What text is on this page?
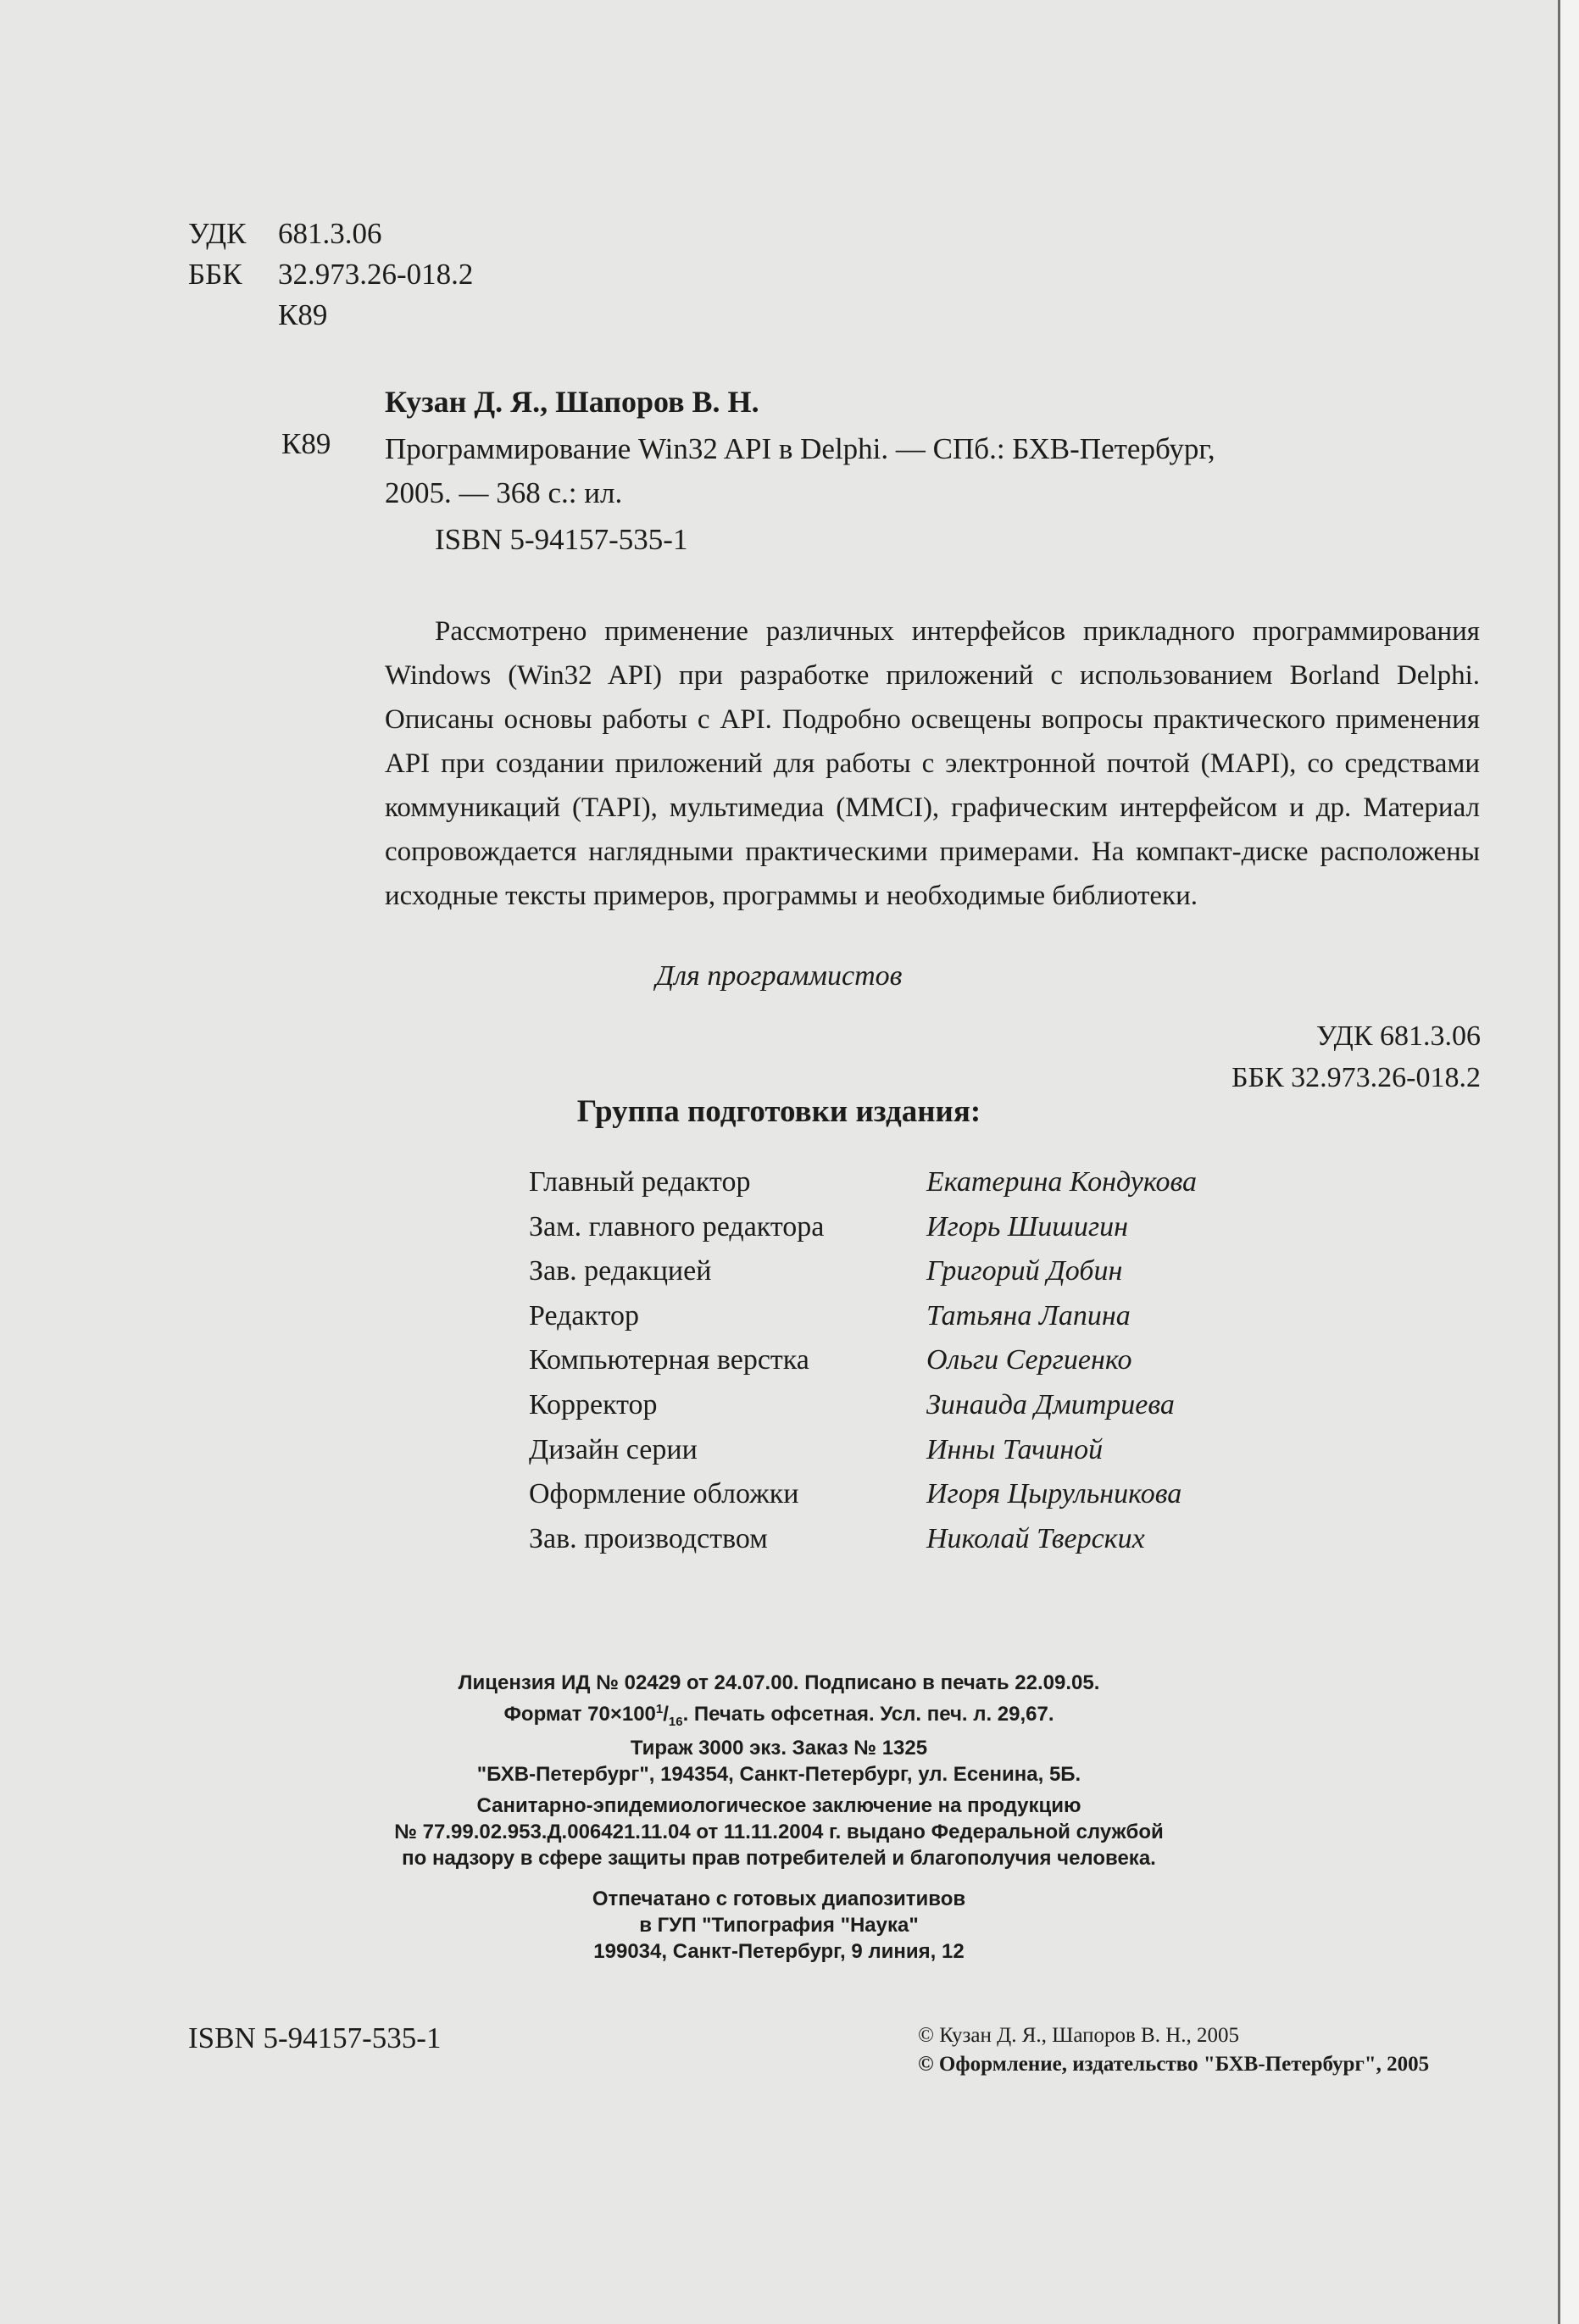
УДК 681.3.06
ББК 32.973.26-018.2
К89
Кузан Д. Я., Шапоров В. Н.
К89 Программирование Win32 API в Delphi. — СПб.: БХВ-Петербург,
2005. — 368 с.: ил.
ISBN 5-94157-535-1

Рассмотрено применение различных интерфейсов прикладного программирования Windows (Win32 API) при разработке приложений с использованием Borland Delphi. Описаны основы работы с API. Подробно освещены вопросы практического применения API при создании приложений для работы с электронной почтой (MAPI), со средствами коммуникаций (TAPI), мультимедиа (MMCI), графическим интерфейсом и др. Материал сопровождается наглядными практическими примерами. На компакт-диске расположены исходные тексты примеров, программы и необходимые библиотеки.

Для программистов
УДК 681.3.06
ББК 32.973.26-018.2
Группа подготовки издания:
Главный редактор	Екатерина Кондукова
Зам. главного редактора	Игорь Шишигин
Зав. редакцией	Григорий Добин
Редактор	Татьяна Лапина
Компьютерная верстка	Ольги Сергиенко
Корректор	Зинаида Дмитриева
Дизайн серии	Инны Тачиной
Оформление обложки	Игоря Цырульникова
Зав. производством	Николай Тверских
Лицензия ИД № 02429 от 24.07.00. Подписано в печать 22.09.05.
Формат $70\times 100^1/_{16}$. Печать офсетная. Усл. печ. л. 29,67.
Тираж 3000 экз. Заказ № 1325
"БХВ-Петербург", 194354, Санкт-Петербург, ул. Есенина, 5Б.
Санитарно-эпидемиологическое заключение на продукцию
№ 77.99.02.953.Д.006421.11.04 от 11.11.2004 г. выдано Федеральной службой
по надзору в сфере защиты прав потребителей и благополучия человека.
Отпечатано с готовых диапозитивов
в ГУП "Типография "Наука"
199034, Санкт-Петербург, 9 линия, 12
ISBN 5-94157-535-1	© Кузан Д. Я., Шапоров В. Н., 2005
© Оформление, издательство "БХВ-Петербург", 2005
